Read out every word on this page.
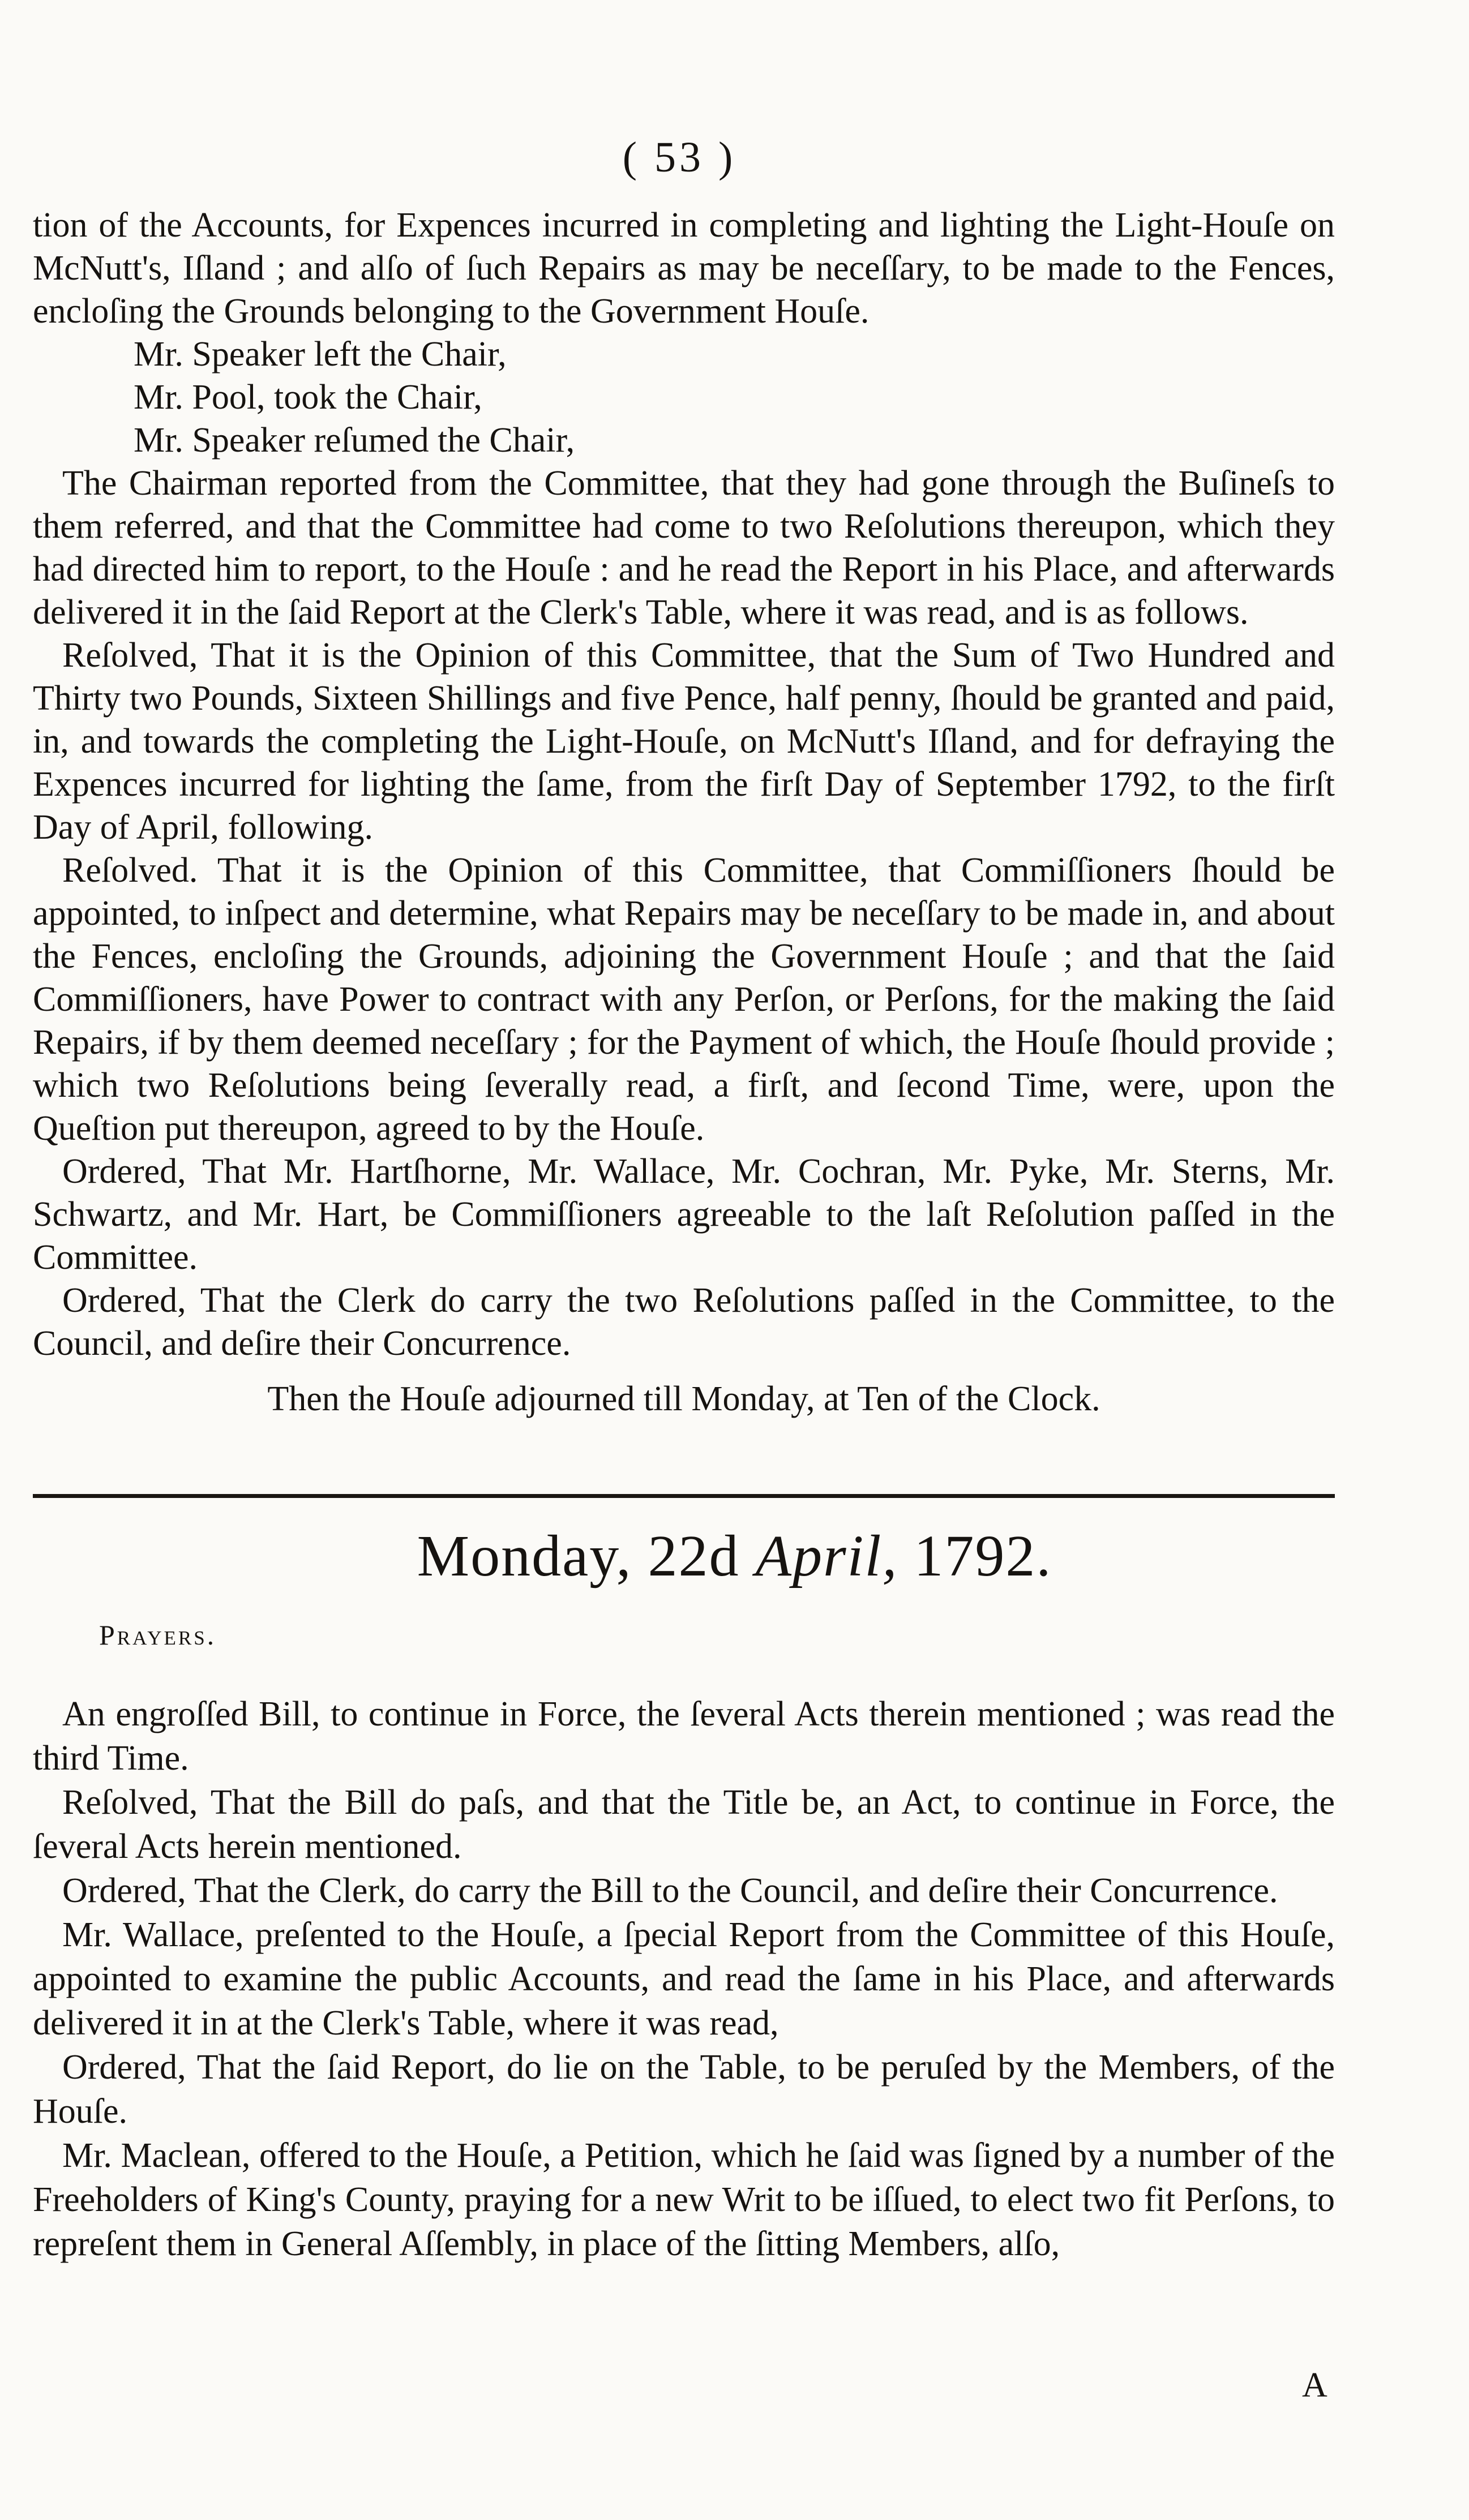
( 53 )

tion of the Accounts, for Expences incurred in completing and lighting the Light-Houſe on McNutt's, Iſland ; and alſo of ſuch Repairs as may be neceſſary, to be made to the Fences, encloſing the Grounds belonging to the Government Houſe.

Mr. Speaker left the Chair,

Mr. Pool, took the Chair,

Mr. Speaker reſumed the Chair,

The Chairman reported from the Committee, that they had gone through the Buſineſs to them referred, and that the Committee had come to two Reſolutions thereupon, which they had directed him to report, to the Houſe : and he read the Report in his Place, and afterwards delivered it in the ſaid Report at the Clerk's Table, where it was read, and is as follows.

Reſolved, That it is the Opinion of this Committee, that the Sum of Two Hundred and Thirty two Pounds, Sixteen Shillings and five Pence, half penny, ſhould be granted and paid, in, and towards the completing the Light-Houſe, on McNutt's Iſland, and for defraying the Expences incurred for lighting the ſame, from the firſt Day of September 1792, to the firſt Day of April, following.

Reſolved. That it is the Opinion of this Committee, that Commiſſioners ſhould be appointed, to inſpect and determine, what Repairs may be neceſſary to be made in, and about the Fences, encloſing the Grounds, adjoining the Government Houſe ; and that the ſaid Commiſſioners, have Power to contract with any Perſon, or Perſons, for the making the ſaid Repairs, if by them deemed neceſſary ; for the Payment of which, the Houſe ſhould provide ; which two Reſolutions being ſeverally read, a firſt, and ſecond Time, were, upon the Queſtion put thereupon, agreed to by the Houſe.

Ordered, That Mr. Hartſhorne, Mr. Wallace, Mr. Cochran, Mr. Pyke, Mr. Sterns, Mr. Schwartz, and Mr. Hart, be Commiſſioners agreeable to the laſt Reſolution paſſed in the Committee.

Ordered, That the Clerk do carry the two Reſolutions paſſed in the Committee, to the Council, and deſire their Concurrence.

Then the Houſe adjourned till Monday, at Ten of the Clock.

Monday, 22d April, 1792.
Prayers.

An engroſſed Bill, to continue in Force, the ſeveral Acts therein mentioned ; was read the third Time.

Reſolved, That the Bill do paſs, and that the Title be, an Act, to continue in Force, the ſeveral Acts herein mentioned.

Ordered, That the Clerk, do carry the Bill to the Council, and deſire their Concurrence.

Mr. Wallace, preſented to the Houſe, a ſpecial Report from the Committee of this Houſe, appointed to examine the public Accounts, and read the ſame in his Place, and afterwards delivered it in at the Clerk's Table, where it was read,

Ordered, That the ſaid Report, do lie on the Table, to be peruſed by the Members, of the Houſe.

Mr. Maclean, offered to the Houſe, a Petition, which he ſaid was ſigned by a number of the Freeholders of King's County, praying for a new Writ to be iſſued, to elect two fit Perſons, to repreſent them in General Aſſembly, in place of the ſitting Members, alſo,

A
